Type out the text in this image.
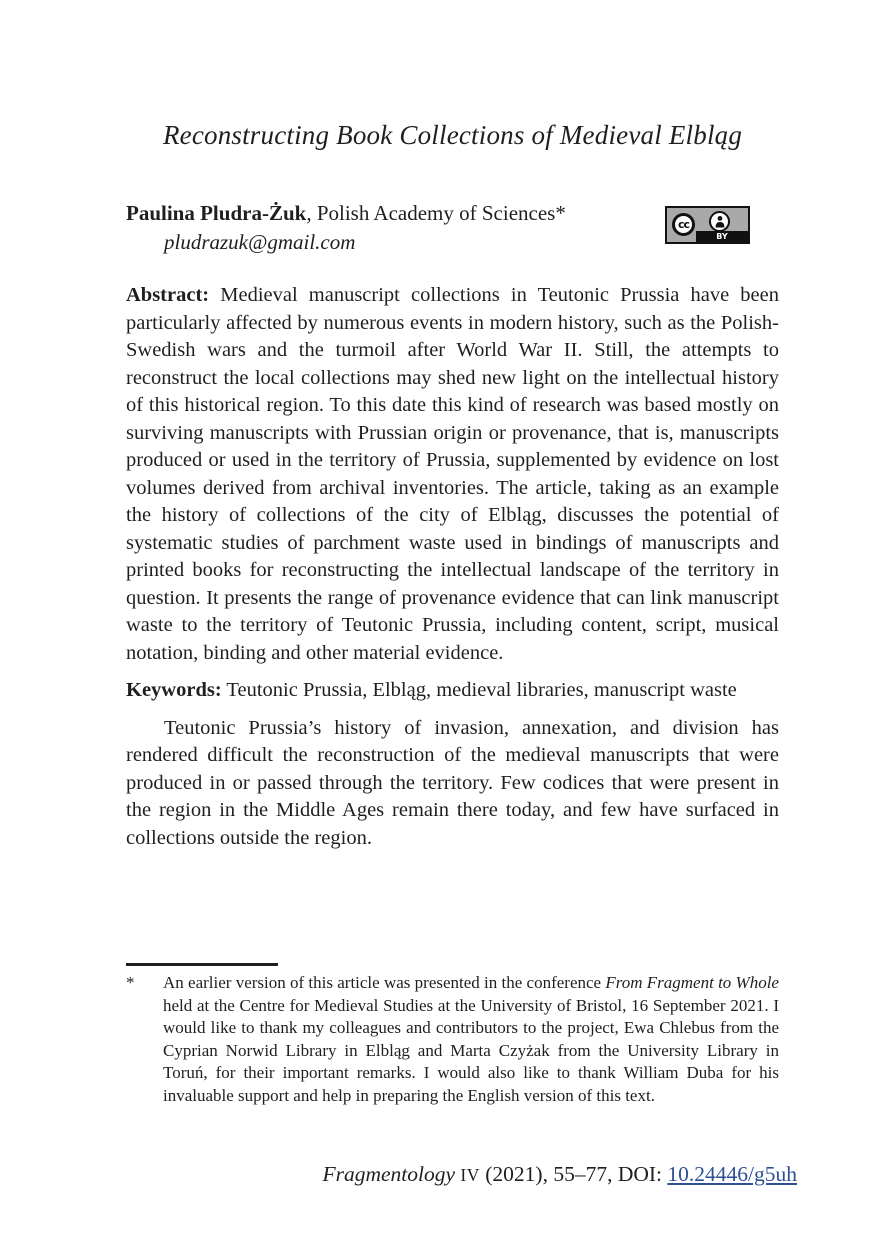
Reconstructing Book Collections of Medieval Elbląg
Paulina Pludra-Żuk, Polish Academy of Sciences*
pludrazuk@gmail.com
cc
BY

Abstract: Medieval manuscript collections in Teutonic Prussia have been particularly affected by numerous events in modern history, such as the Polish-Swedish wars and the turmoil after World War II. Still, the attempts to reconstruct the local collections may shed new light on the intellectual history of this historical region. To this date this kind of research was based mostly on surviving manuscripts with Prussian origin or provenance, that is, manuscripts produced or used in the territory of Prussia, supplemented by evidence on lost volumes derived from archival inventories. The article, taking as an example the history of collections of the city of Elbląg, discusses the potential of systematic studies of parchment waste used in bindings of manuscripts and printed books for reconstructing the intellectual landscape of the territory in question. It presents the range of provenance evidence that can link manuscript waste to the territory of Teutonic Prussia, including content, script, musical notation, binding and other material evidence.

Keywords: Teutonic Prussia, Elbląg, medieval libraries, manuscript waste

Teutonic Prussia’s history of invasion, annexation, and division has rendered difficult the reconstruction of the medieval manuscripts that were produced in or passed through the territory. Few codices that were present in the region in the Middle Ages remain there today, and few have surfaced in collections outside the region.

* An earlier version of this article was presented in the conference From Fragment to Whole held at the Centre for Medieval Studies at the University of Bristol, 16 September 2021. I would like to thank my colleagues and contributors to the project, Ewa Chlebus from the Cyprian Norwid Library in Elbląg and Marta Czyżak from the University Library in Toruń, for their important remarks. I would also like to thank William Duba for his invaluable support and help in preparing the English version of this text.
Fragmentology IV (2021), 55–77, DOI: 10.24446/g5uh
